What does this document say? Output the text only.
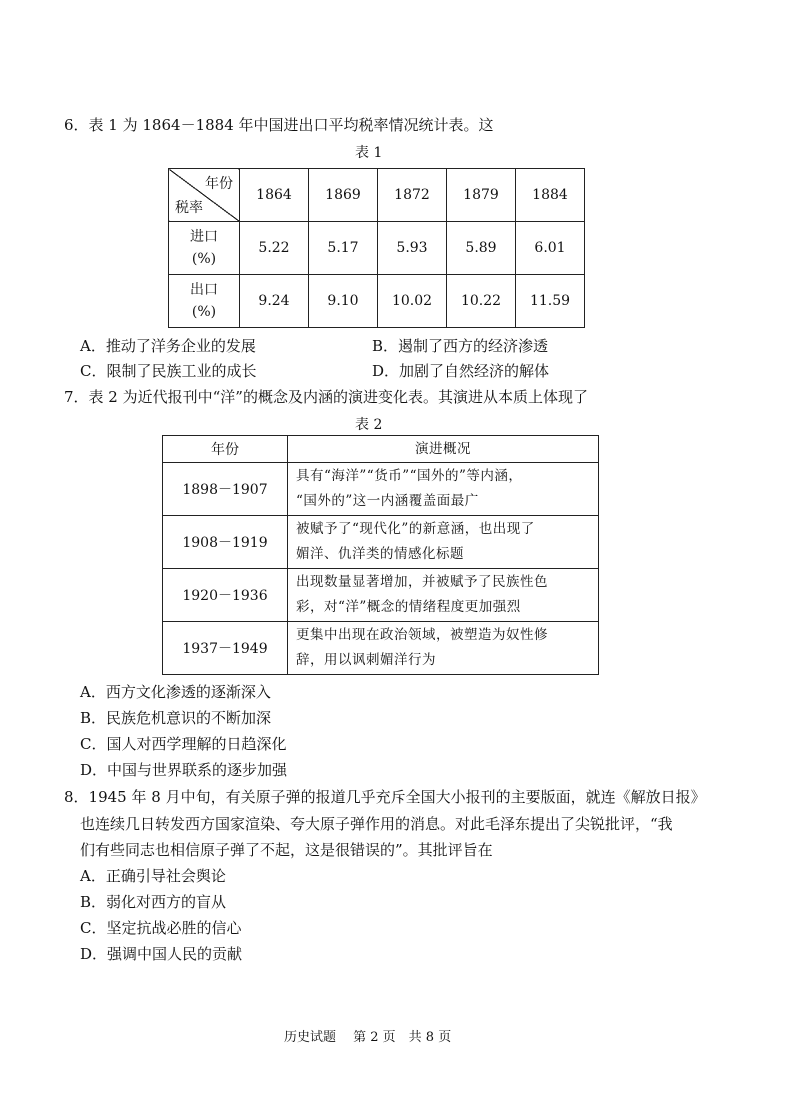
6．表 1 为 1864－1884 年中国进出口平均税率情况统计表。这
表 1
年份
税率	1864	1869	1872	1879	1884

进口
(%)	5.22	5.17	5.93	5.89	6.01

出口
(%)	9.24	9.10	10.02	10.22	11.59
A．推动了洋务企业的发展	B．遏制了西方的经济渗透
C．限制了民族工业的成长	D．加剧了自然经济的解体
7．表 2 为近代报刊中“洋”的概念及内涵的演进变化表。其演进从本质上体现了
表 2
年份	演进概况
1898－1907	具有“海洋”“货币”“国外的”等内涵，
“国外的”这一内涵覆盖面最广

1908－1919	被赋予了“现代化”的新意涵，也出现了
媚洋、仇洋类的情感化标题

1920－1936	出现数量显著增加，并被赋予了民族性色
彩，对“洋”概念的情绪程度更加强烈

1937－1949	更集中出现在政治领域，被塑造为奴性修
辞，用以讽刺媚洋行为
A．西方文化渗透的逐渐深入
B．民族危机意识的不断加深
C．国人对西学理解的日趋深化
D．中国与世界联系的逐步加强
8．1945 年 8 月中旬，有关原子弹的报道几乎充斥全国大小报刊的主要版面，就连《解放日报》
也连续几日转发西方国家渲染、夸大原子弹作用的消息。对此毛泽东提出了尖锐批评，“我
们有些同志也相信原子弹了不起，这是很错误的”。其批评旨在
A．正确引导社会舆论
B．弱化对西方的盲从
C．坚定抗战必胜的信心
D．强调中国人民的贡献
历史试题　 第 2 页　共 8 页
